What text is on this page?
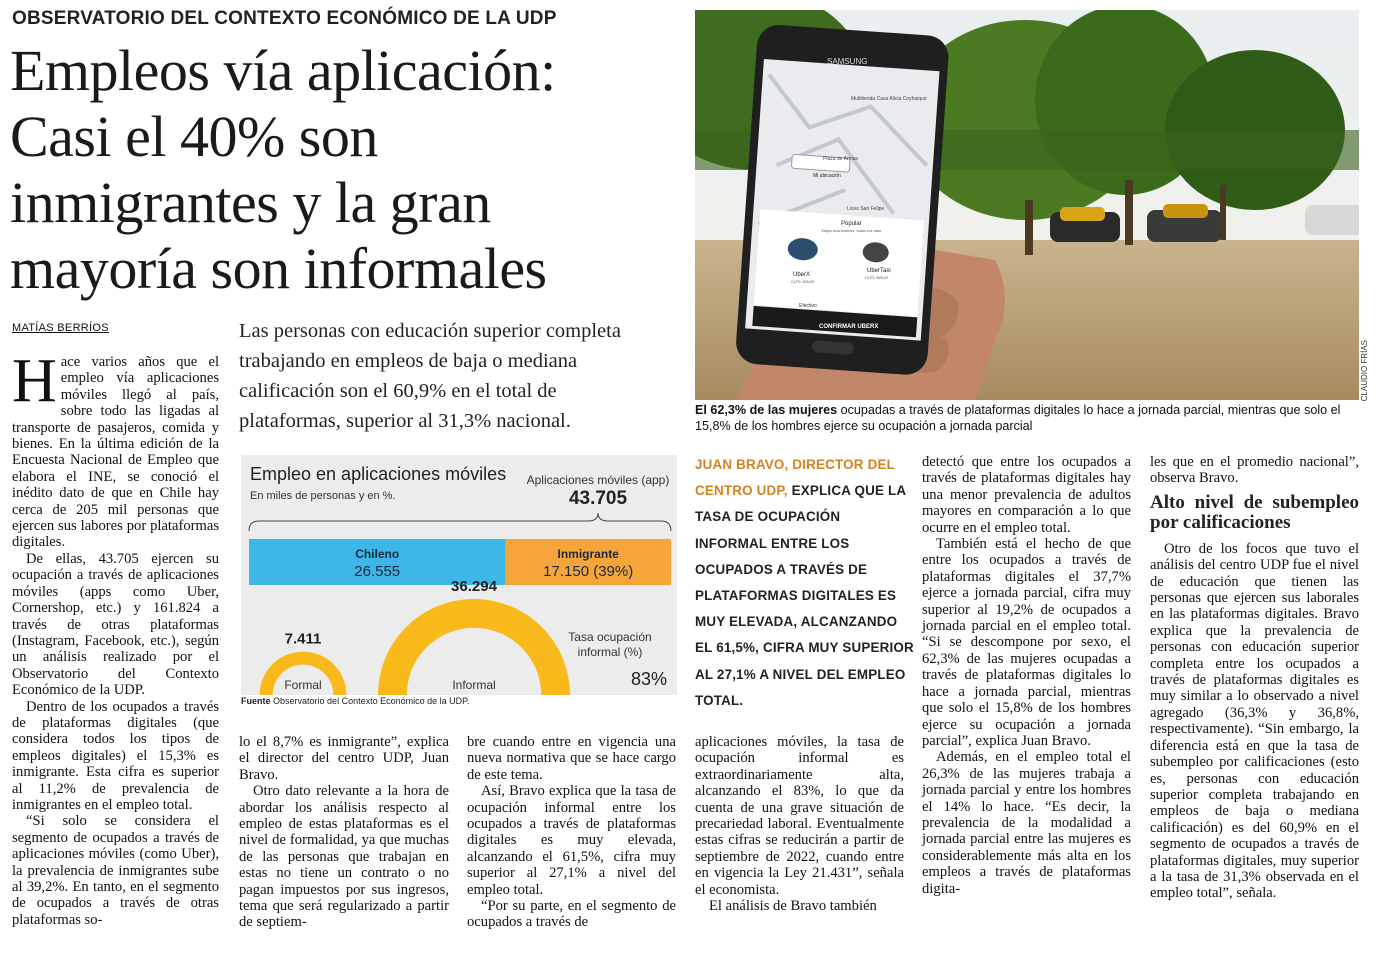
OBSERVATORIO DEL CONTEXTO ECONÓMICO DE LA UDP
Empleos vía aplicación:
Casi el 40% son
inmigrantes y la gran
mayoría son informales
MATÍAS BERRÍOS	Las personas con educación superior completa trabajando en empleos de baja o mediana calificación son el 60,9% en el total de plataformas, superior al 31,3% nacional.
SAMSUNG
Multitienda Casa Alicia Coyhaique
Plaza de Armas
Mi ubicación
Liceo San Felipe
Popular
Viajes económicos, todos los días
UberX
CLP1.365,00
UberTaxi
CLP1.365,00
Efectivo
CONFIRMAR UBERX
CLAUDIO FRÍAS
El 62,3% de las mujeres ocupadas a través de plataformas digitales lo hace a jornada parcial, mientras que solo el 15,8% de los hombres ejerce su ocupación a jornada parcial
Empleo en aplicaciones móviles
En miles de personas y en %.
Aplicaciones móviles (app)
43.705
Chileno
26.555
Inmigrante
17.150 (39%)
7.411
Formal
36.294
Informal
Tasa ocupación
informal (%)
83%
Fuente Observatorio del Contexto Económico de la UDP.

Hace varios años que el empleo vía aplicaciones móviles llegó al país, sobre todo las ligadas al transporte de pasajeros, comida y bienes. En la última edición de la Encuesta Nacional de Empleo que elabora el INE, se conoció el inédito dato de que en Chile hay cerca de 205 mil personas que ejercen sus labores por plataformas digitales.

De ellas, 43.705 ejercen su ocupación a través de aplicaciones móviles (apps como Uber, Cornershop, etc.) y 161.824 a través de otras plataformas (Instagram, Facebook, etc.), según un análisis realizado por el Observatorio del Contexto Económico de la UDP.

Dentro de los ocupados a través de plataformas digitales (que considera todos los tipos de empleos digitales) el 15,3% es inmigrante. Esta cifra es superior al 11,2% de prevalencia de inmigrantes en el empleo total.

“Si solo se considera el segmento de ocupados a través de aplicaciones móviles (como Uber), la prevalencia de inmigrantes sube al 39,2%. En tanto, en el segmento de ocupados a través de otras plataformas so-

lo el 8,7% es inmigrante”, explica el director del centro UDP, Juan Bravo.

Otro dato relevante a la hora de abordar los análisis respecto al empleo de estas plataformas es el nivel de formalidad, ya que muchas de las personas que trabajan en estas no tiene un contrato o no pagan impuestos por sus ingresos, tema que será regularizado a partir de septiem-

bre cuando entre en vigencia una nueva normativa que se hace cargo de este tema.

Así, Bravo explica que la tasa de ocupación informal entre los ocupados a través de plataformas digitales es muy elevada, alcanzando el 61,5%, cifra muy superior al 27,1% a nivel del empleo total.

“Por su parte, en el segmento de ocupados a través de

JUAN BRAVO, DIRECTOR DEL CENTRO UDP, EXPLICA QUE LA TASA DE OCUPACIÓN INFORMAL ENTRE LOS OCUPADOS A TRAVÉS DE PLATAFORMAS DIGITALES ES MUY ELEVADA, ALCANZANDO EL 61,5%, CIFRA MUY SUPERIOR AL 27,1% A NIVEL DEL EMPLEO TOTAL.

aplicaciones móviles, la tasa de ocupación informal es extraordinariamente alta, alcanzando el 83%, lo que da cuenta de una grave situación de precariedad laboral. Eventualmente estas cifras se reducirán a partir de septiembre de 2022, cuando entre en vigencia la Ley 21.431”, señala el economista.

El análisis de Bravo también

detectó que entre los ocupados a través de plataformas digitales hay una menor prevalencia de adultos mayores en comparación a lo que ocurre en el empleo total.

También está el hecho de que entre los ocupados a través de plataformas digitales el 37,7% ejerce a jornada parcial, cifra muy superior al 19,2% de ocupados a jornada parcial en el empleo total. “Si se descompone por sexo, el 62,3% de las mujeres ocupadas a través de plataformas digitales lo hace a jornada parcial, mientras que solo el 15,8% de los hombres ejerce su ocupación a jornada parcial”, explica Juan Bravo.

Además, en el empleo total el 26,3% de las mujeres trabaja a jornada parcial y entre los hombres el 14% lo hace. “Es decir, la prevalencia de la modalidad a jornada parcial entre las mujeres es considerablemente más alta en los empleos a través de plataformas digita-

les que en el promedio nacional”, observa Bravo.

Alto nivel de subempleo por calificaciones

Otro de los focos que tuvo el análisis del centro UDP fue el nivel de educación que tienen las personas que ejercen sus laborales en las plataformas digitales. Bravo explica que la prevalencia de personas con educación superior completa entre los ocupados a través de plataformas digitales es muy similar a lo observado a nivel agregado (36,3% y 36,8%, respectivamente). “Sin embargo, la diferencia está en que la tasa de subempleo por calificaciones (esto es, personas con educación superior completa trabajando en empleos de baja o mediana calificación) es del 60,9% en el segmento de ocupados a través de plataformas digitales, muy superior a la tasa de 31,3% observada en el empleo total”, señala.
